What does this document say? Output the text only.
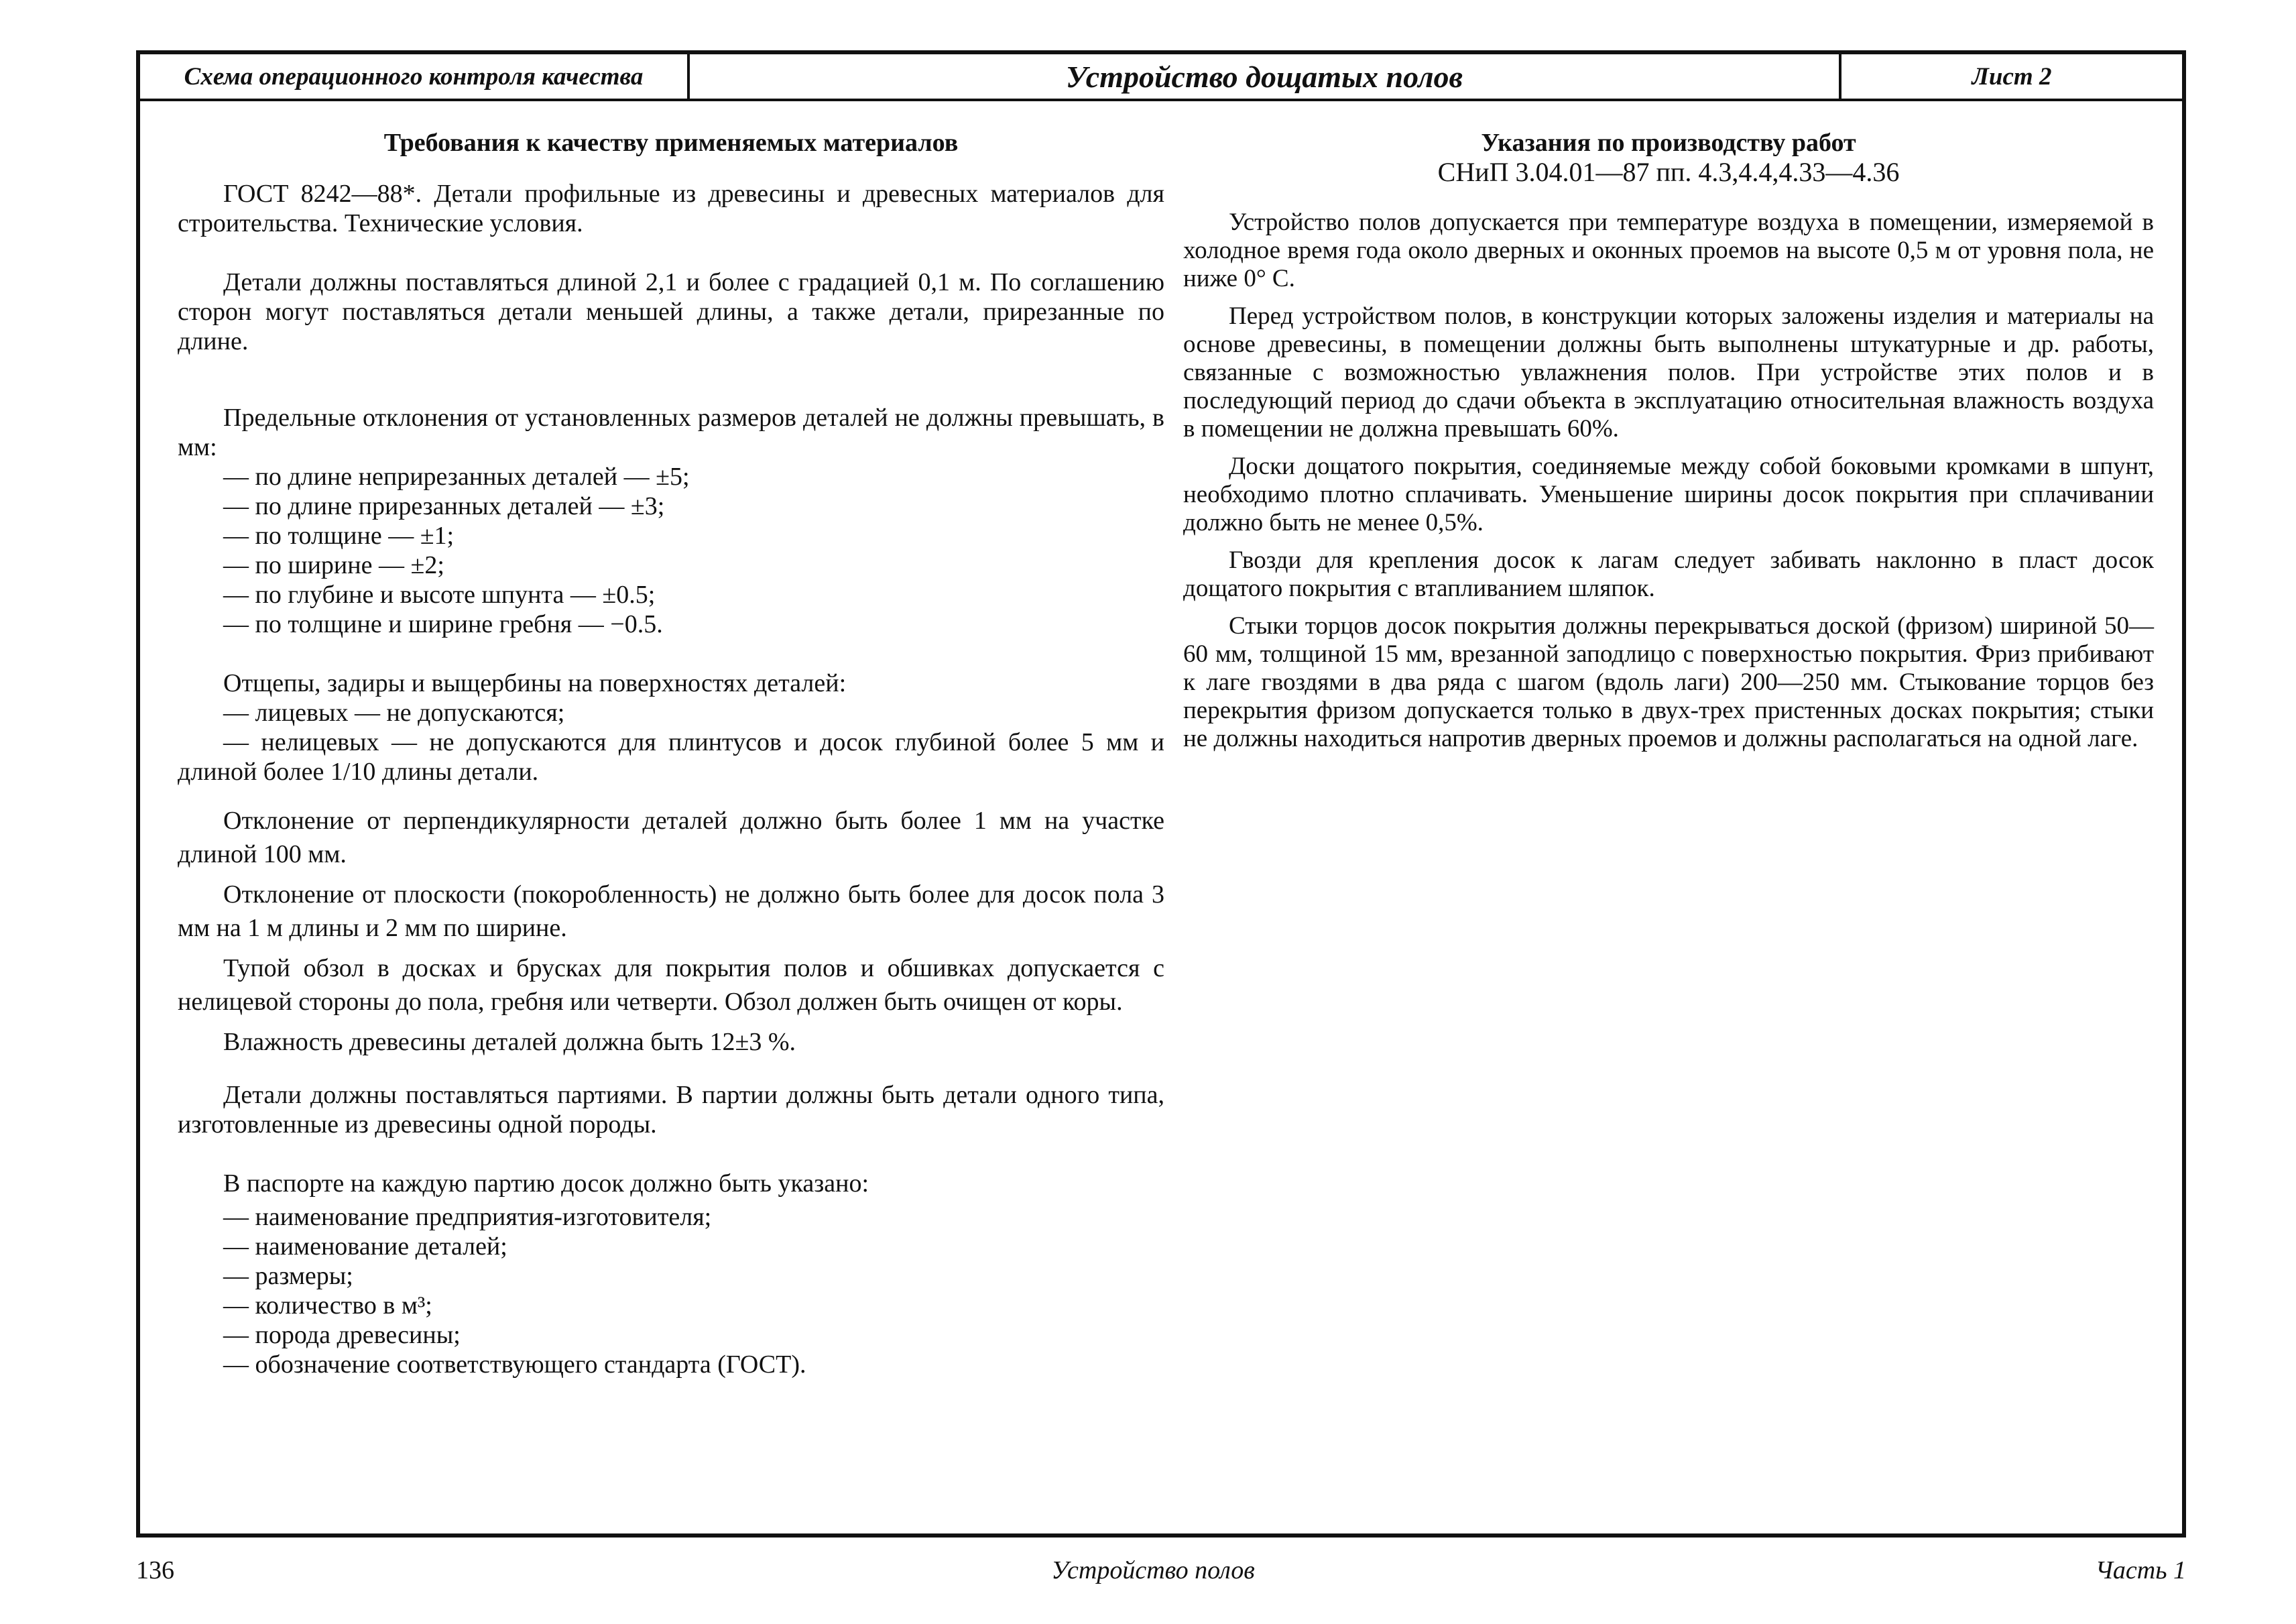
Схема операционного контроля качества	Устройство дощатых полов	Лист 2
Требования к качеству применяемых материалов

ГОСТ 8242—88*. Детали профильные из древесины и древесных материалов для строительства. Технические условия.

Детали должны поставляться длиной 2,1 и более с градацией 0,1 м. По соглашению сторон могут поставляться детали меньшей длины, а также детали, прирезанные по длине.

Предельные отклонения от установленных размеров деталей не должны превышать, в мм:

— по длине неприрезанных деталей — ±5;

— по длине прирезанных деталей — ±3;

— по толщине — ±1;

— по ширине — ±2;

— по глубине и высоте шпунта — ±0.5;

— по толщине и ширине гребня — −0.5.

Отщепы, задиры и выщербины на поверхностях деталей:

— лицевых — не допускаются;

— нелицевых — не допускаются для плинтусов и досок глубиной более 5 мм и длиной более 1/10 длины детали.

Отклонение от перпендикулярности деталей должно быть более 1 мм на участке длиной 100 мм.

Отклонение от плоскости (покоробленность) не должно быть более для досок пола 3 мм на 1 м длины и 2 мм по ширине.

Тупой обзол в досках и брусках для покрытия полов и обшивках допускается с нелицевой стороны до пола, гребня или четверти. Обзол должен быть очищен от коры.

Влажность древесины деталей должна быть 12±3 %.

Детали должны поставляться партиями. В партии должны быть детали одного типа, изготовленные из древесины одной породы.

В паспорте на каждую партию досок должно быть указано:

— наименование предприятия-изготовителя;

— наименование деталей;

— размеры;

— количество в м³;

— порода древесины;

— обозначение соответствующего стандарта (ГОСТ).

Указания по производству работ
СНиП 3.04.01—87 пп. 4.3,4.4,4.33—4.36

Устройство полов допускается при температуре воздуха в помещении, измеряемой в холодное время года около дверных и оконных проемов на высоте 0,5 м от уровня пола, не ниже 0° С.

Перед устройством полов, в конструкции которых заложены изделия и материалы на основе древесины, в помещении должны быть выполнены штукатурные и др. работы, связанные с возможностью увлажнения полов. При устройстве этих полов и в последующий период до сдачи объекта в эксплуатацию относительная влажность воздуха в помещении не должна превышать 60%.

Доски дощатого покрытия, соединяемые между собой боковыми кромками в шпунт, необходимо плотно сплачивать. Уменьшение ширины досок покрытия при сплачивании должно быть не менее 0,5%.

Гвозди для крепления досок к лагам следует забивать наклонно в пласт досок дощатого покрытия с втапливанием шляпок.

Стыки торцов досок покрытия должны перекрываться доской (фризом) шириной 50—60 мм, толщиной 15 мм, врезанной заподлицо с поверхностью покрытия. Фриз прибивают к лаге гвоздями в два ряда с шагом (вдоль лаги) 200—250 мм. Стыкование торцов без перекрытия фризом допускается только в двух-трех пристенных досках покрытия; стыки не должны находиться напротив дверных проемов и должны располагаться на одной лаге.

136	Устройство полов	Часть 1
